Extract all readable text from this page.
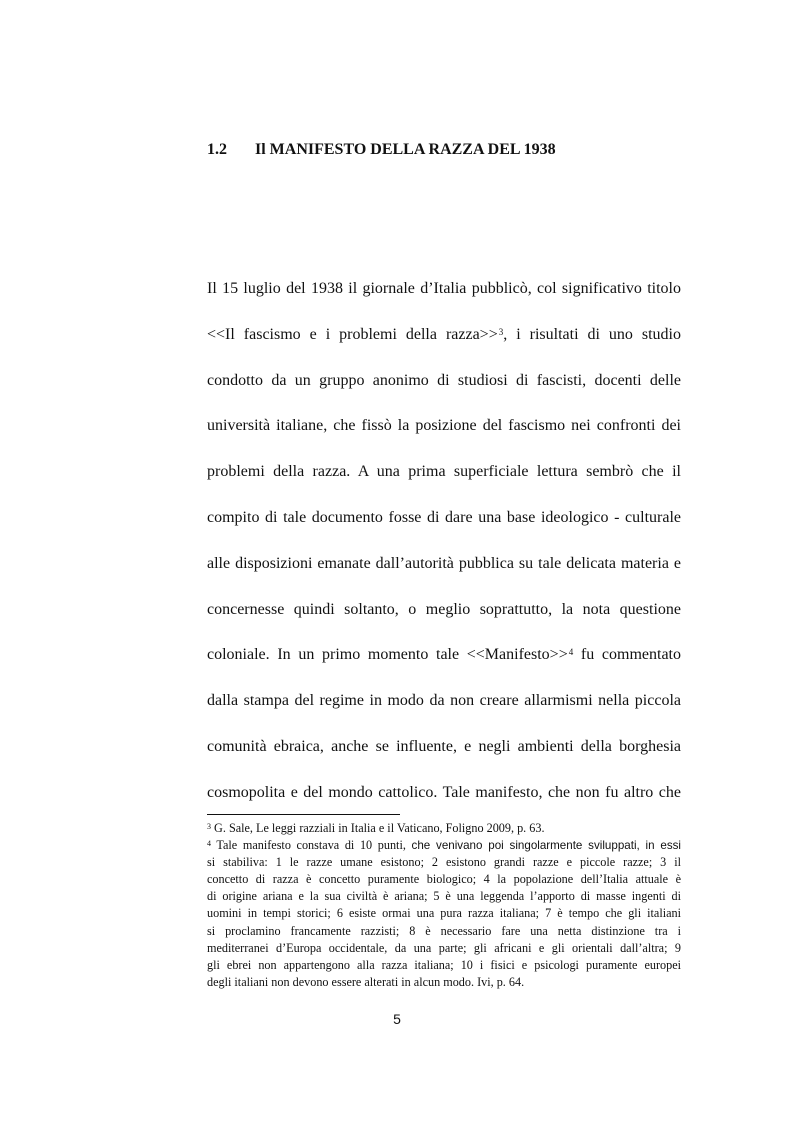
1.2 Il MANIFESTO DELLA RAZZA DEL 1938
Il 15 luglio del 1938 il giornale d’Italia pubblicò, col significativo titolo
<<Il fascismo e i problemi della razza>>$^3$, i risultati di uno studio
condotto da un gruppo anonimo di studiosi di fascisti, docenti delle
università italiane, che fissò la posizione del fascismo nei confronti dei
problemi della razza. A una prima superficiale lettura sembrò che il
compito di tale documento fosse di dare una base ideologico - culturale
alle disposizioni emanate dall’autorità pubblica su tale delicata materia e
concernesse quindi soltanto, o meglio soprattutto, la nota questione
coloniale. In un primo momento tale <<Manifesto>>$^4$ fu commentato
dalla stampa del regime in modo da non creare allarmismi nella piccola
comunità ebraica, anche se influente, e negli ambienti della borghesia
cosmopolita e del mondo cattolico. Tale manifesto, che non fu altro che

$^3$ G. Sale, Le leggi razziali in Italia e il Vaticano, Foligno 2009, p. 63.

$^4$ Tale manifesto constava di 10 punti, che venivano poi singolarmente sviluppati, in essi
si stabiliva: 1 le razze umane esistono; 2 esistono grandi razze e piccole razze; 3 il
concetto di razza è concetto puramente biologico; 4 la popolazione dell’Italia attuale è
di origine ariana e la sua civiltà è ariana; 5 è una leggenda l’apporto di masse ingenti di
uomini in tempi storici; 6 esiste ormai una pura razza italiana; 7 è tempo che gli italiani
si proclamino francamente razzisti; 8 è necessario fare una netta distinzione tra i
mediterranei d’Europa occidentale, da una parte; gli africani e gli orientali dall’altra; 9
gli ebrei non appartengono alla razza italiana; 10 i fisici e psicologi puramente europei
degli italiani non devono essere alterati in alcun modo. Ivi, p. 64.

5
